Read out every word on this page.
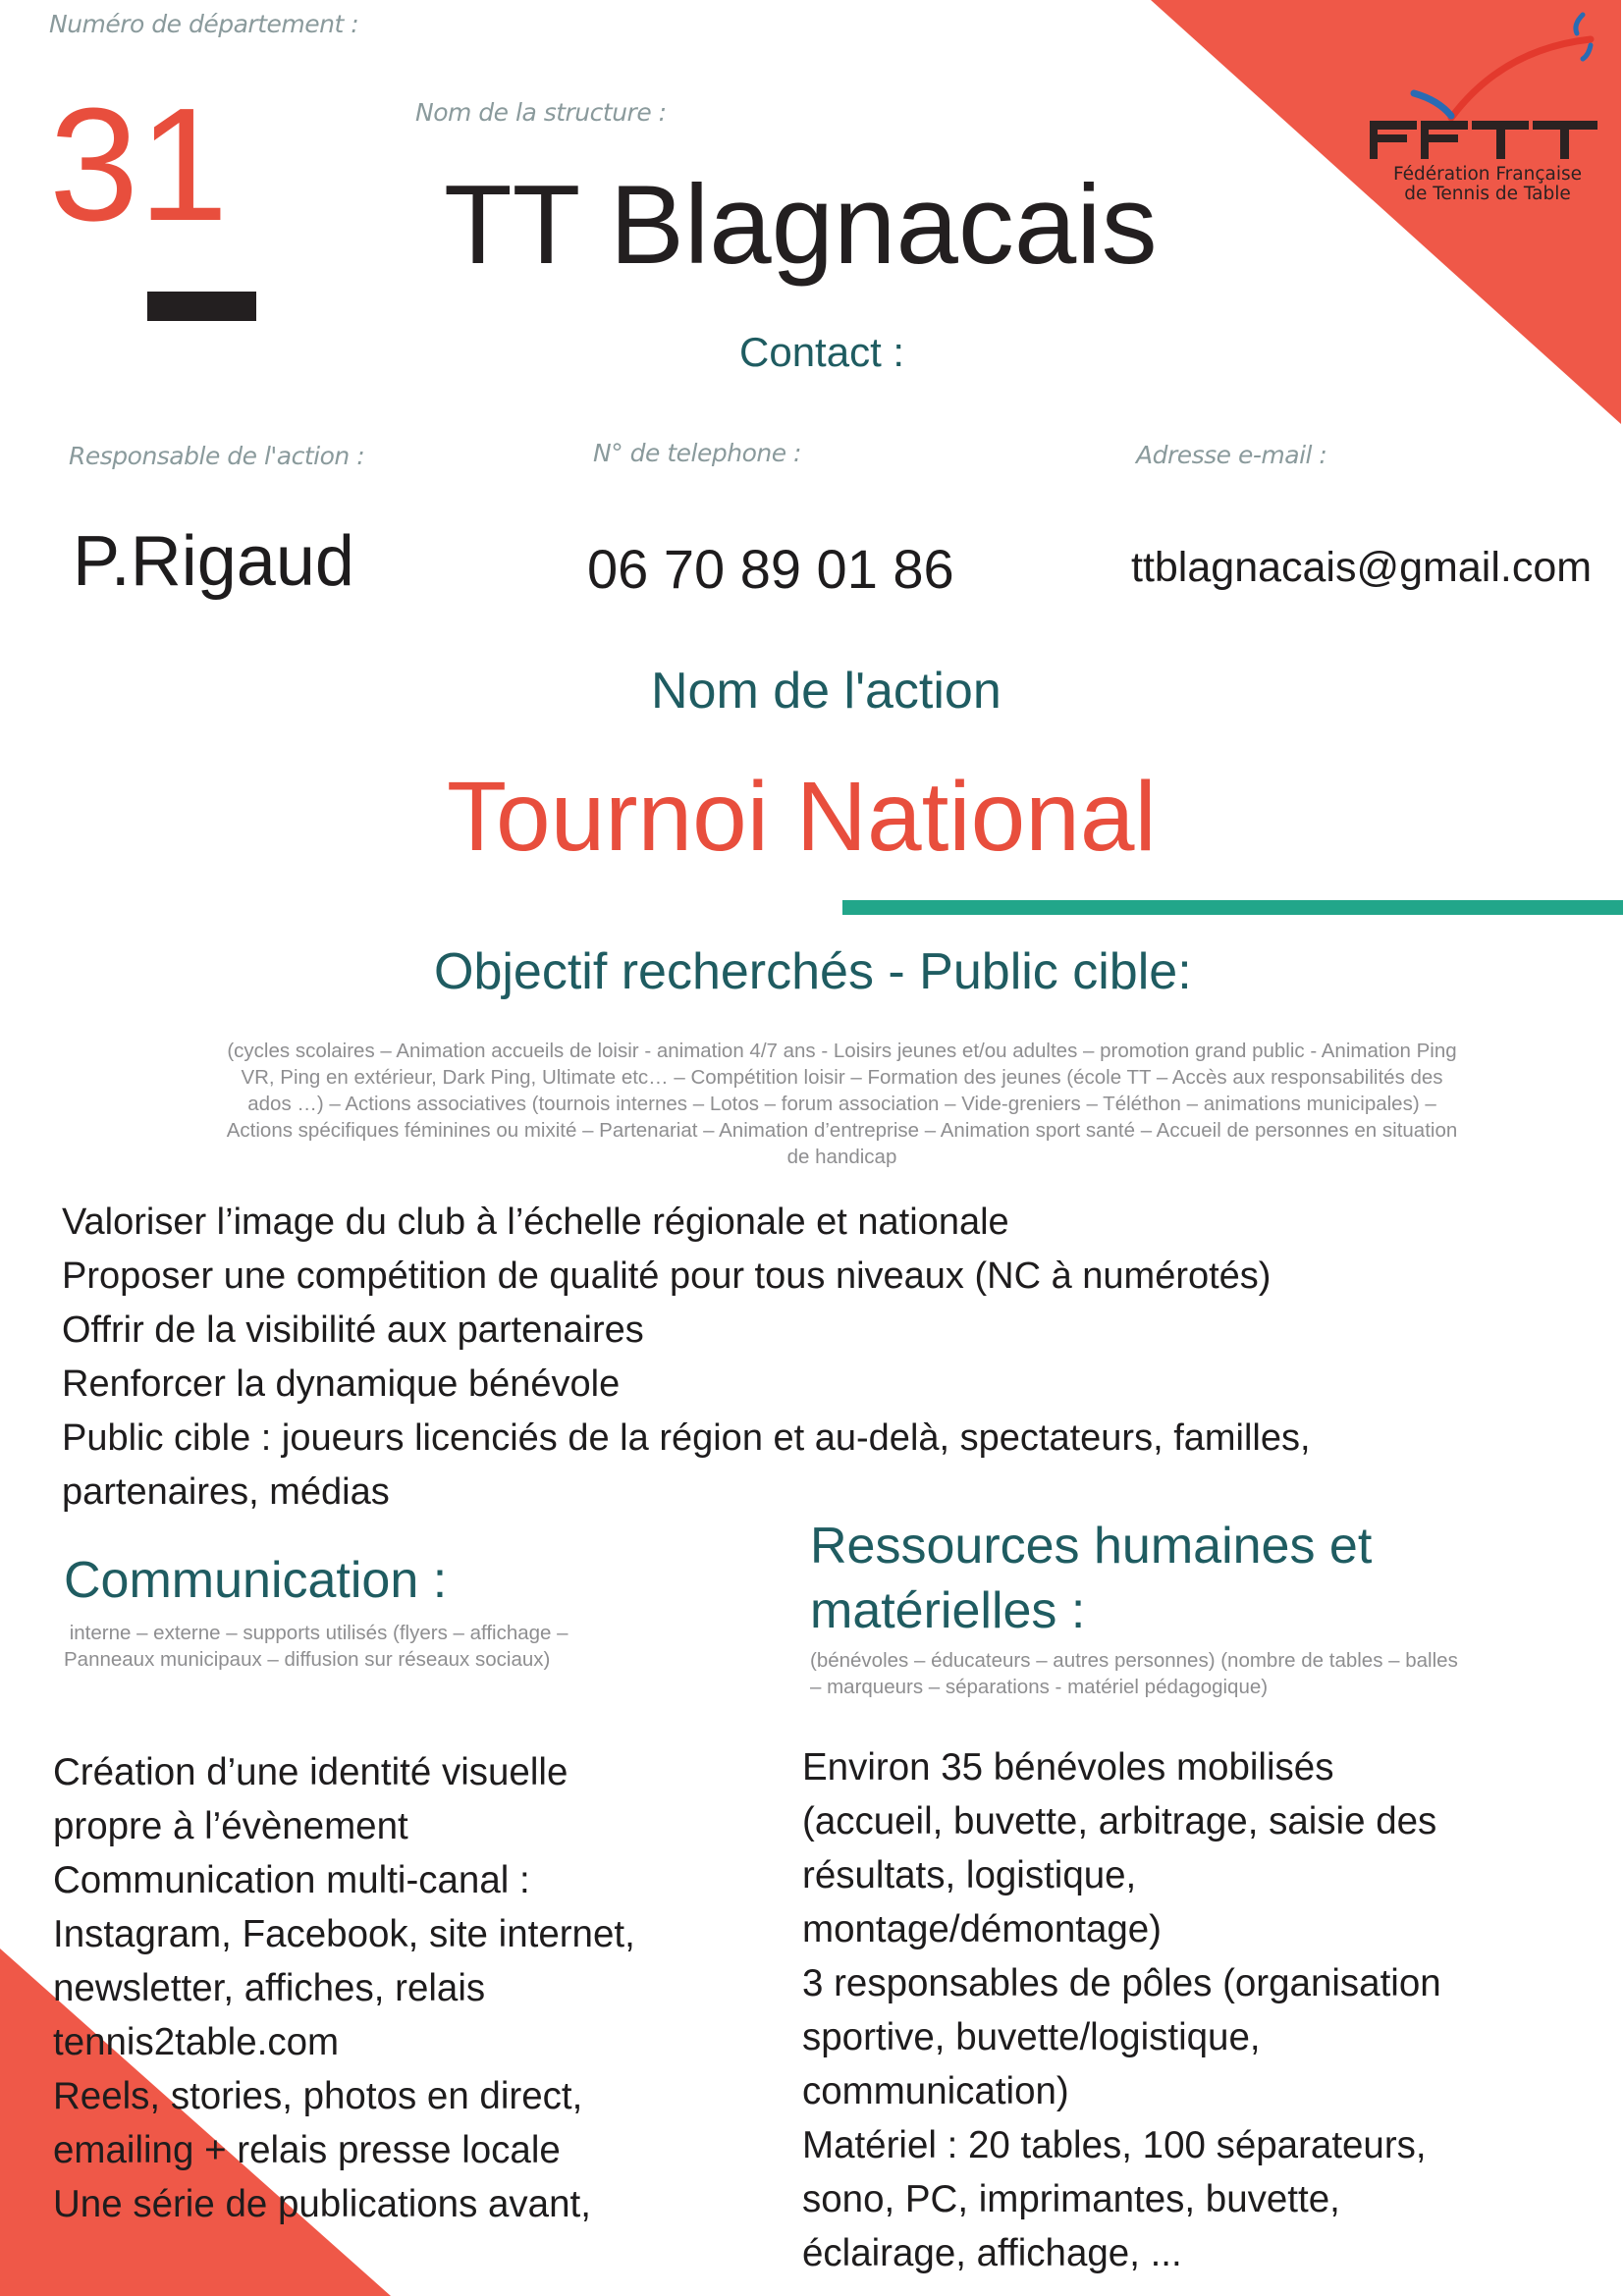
Fédération Française
de Tennis de Table
Numéro de département :
31	Nom de la structure :
TT Blagnacais
Contact :
Responsable de l'action :	N° de telephone :	Adresse e-mail :
P.Rigaud	06 70 89 01 86	ttblagnacais@gmail.com
Nom de l'action
Tournoi National
Objectif recherchés - Public cible:
(cycles scolaires – Animation accueils de loisir - animation 4/7 ans - Loisirs jeunes et/ou adultes – promotion grand public - Animation Ping
VR, Ping en extérieur, Dark Ping, Ultimate etc… – Compétition loisir – Formation des jeunes (école TT – Accès aux responsabilités des
ados …) – Actions associatives (tournois internes – Lotos – forum association – Vide-greniers – Téléthon – animations municipales) –
Actions spécifiques féminines ou mixité – Partenariat – Animation d’entreprise – Animation sport santé – Accueil de personnes en situation
de handicap
Valoriser l’image du club à l’échelle régionale et nationale
Proposer une compétition de qualité pour tous niveaux (NC à numérotés)
Offrir de la visibilité aux partenaires
Renforcer la dynamique bénévole
Public cible : joueurs licenciés de la région et au-delà, spectateurs, familles,
partenaires, médias
Communication :
interne – externe – supports utilisés (flyers – affichage –
Panneaux municipaux – diffusion sur réseaux sociaux)
Création d’une identité visuelle
propre à l’évènement
Communication multi-canal :
Instagram, Facebook, site internet,
newsletter, affiches, relais
tennis2table.com
Reels, stories, photos en direct,
emailing + relais presse locale
Une série de publications avant,
Ressources humaines et
matérielles :
(bénévoles – éducateurs – autres personnes) (nombre de tables – balles
– marqueurs – séparations - matériel pédagogique)
Environ 35 bénévoles mobilisés
(accueil, buvette, arbitrage, saisie des
résultats, logistique,
montage/démontage)
3 responsables de pôles (organisation
sportive, buvette/logistique,
communication)
Matériel : 20 tables, 100 séparateurs,
sono, PC, imprimantes, buvette,
éclairage, affichage, ...
